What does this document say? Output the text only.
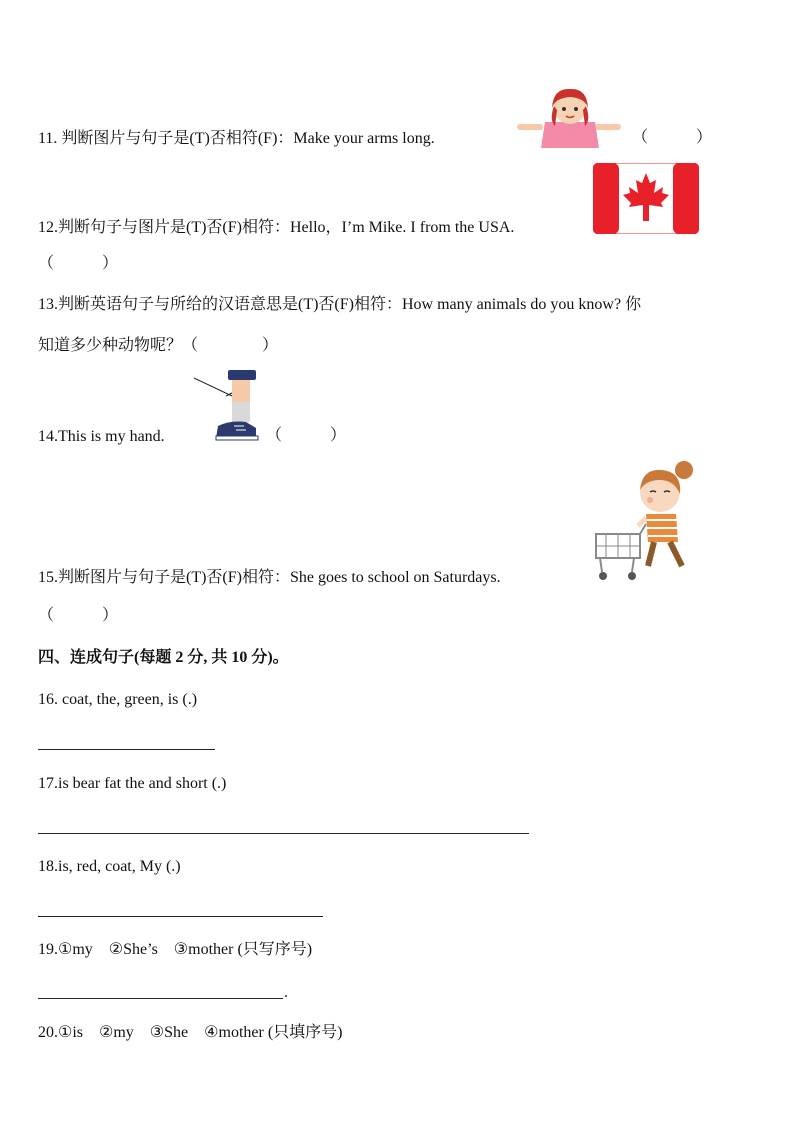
11. 判断图片与句子是(T)否相符(F)：Make your arms long.	（　　　）
12.判断句子与图片是(T)否(F)相符：Hello，I’m Mike. I from the USA.
（　　　）
13.判断英语句子与所给的汉语意思是(T)否(F)相符：How many animals do you know? 你
知道多少种动物呢？（　　　　）
14.This is my hand.	（　　　）
15.判断图片与句子是(T)否(F)相符：She goes to school on Saturdays.
（　　　）
四、连成句子(每题 2 分, 共 10 分)。
16. coat, the, green, is (.)
17.is bear fat the and short (.)
18.is, red, coat, My (.)
19.①my　②She’s　③mother (只写序号)
.
20.①is　②my　③She　④mother (只填序号)
